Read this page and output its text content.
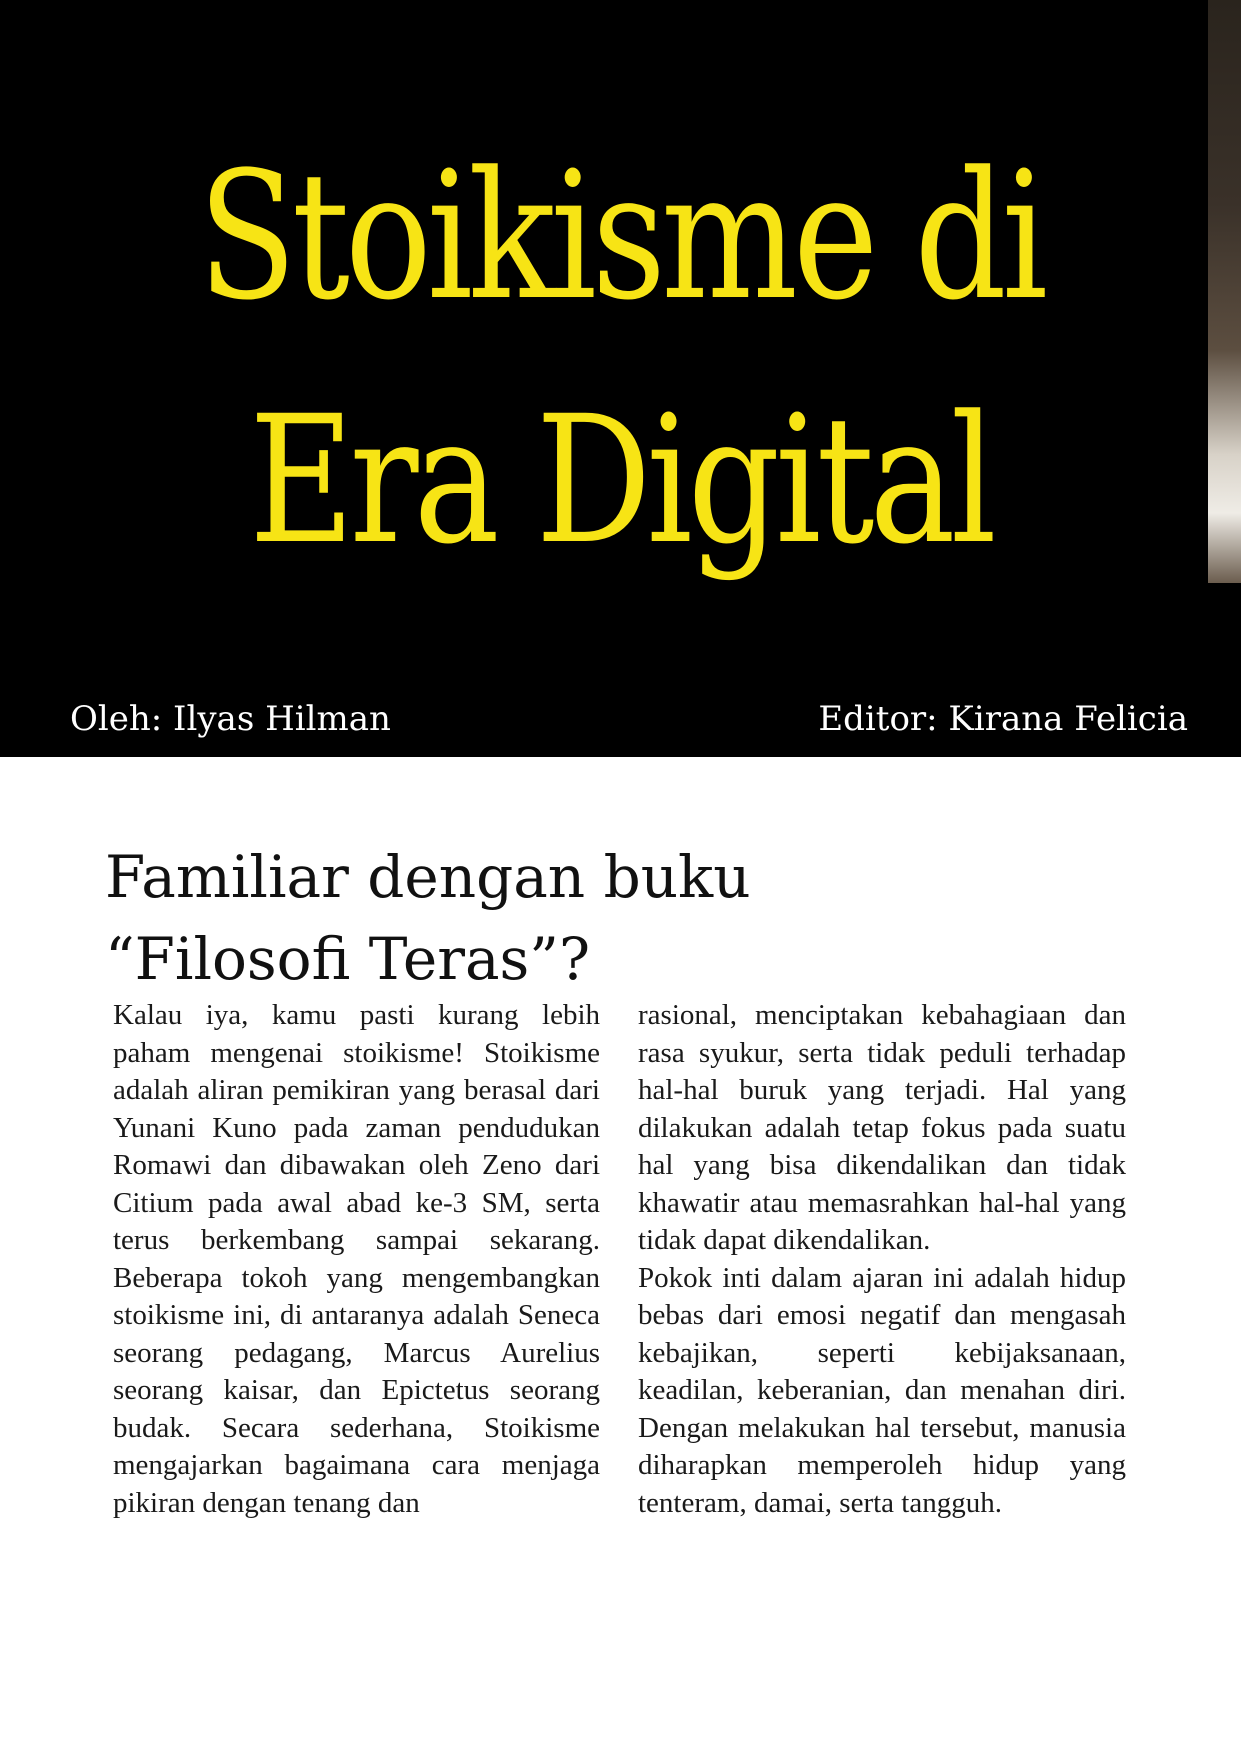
Stoikisme di
Era Digital
Oleh: Ilyas Hilman	Editor: Kirana Felicia
Familiar dengan buku
“Filosofi Teras”?

Kalau iya, kamu pasti kurang lebih paham mengenai stoikisme! Stoikisme adalah aliran pemikiran yang berasal dari Yunani Kuno pada zaman pendudukan Romawi dan dibawakan oleh Zeno dari Citium pada awal abad ke-3 SM, serta terus berkembang sampai sekarang. Beberapa tokoh yang mengembangkan stoikisme ini, di antaranya adalah Seneca seorang pedagang, Marcus Aurelius seorang kaisar, dan Epictetus seorang budak. Secara sederhana, Stoikisme mengajarkan bagaimana cara menjaga pikiran dengan tenang dan

rasional, menciptakan kebahagiaan dan rasa syukur, serta tidak peduli terhadap hal-hal buruk yang terjadi. Hal yang dilakukan adalah tetap fokus pada suatu hal yang bisa dikendalikan dan tidak khawatir atau memasrahkan hal-hal yang tidak dapat dikendalikan.

Pokok inti dalam ajaran ini adalah hidup bebas dari emosi negatif dan mengasah kebajikan, seperti kebijaksanaan, keadilan, keberanian, dan menahan diri. Dengan melakukan hal tersebut, manusia diharapkan memperoleh hidup yang tenteram, damai, serta tangguh.
